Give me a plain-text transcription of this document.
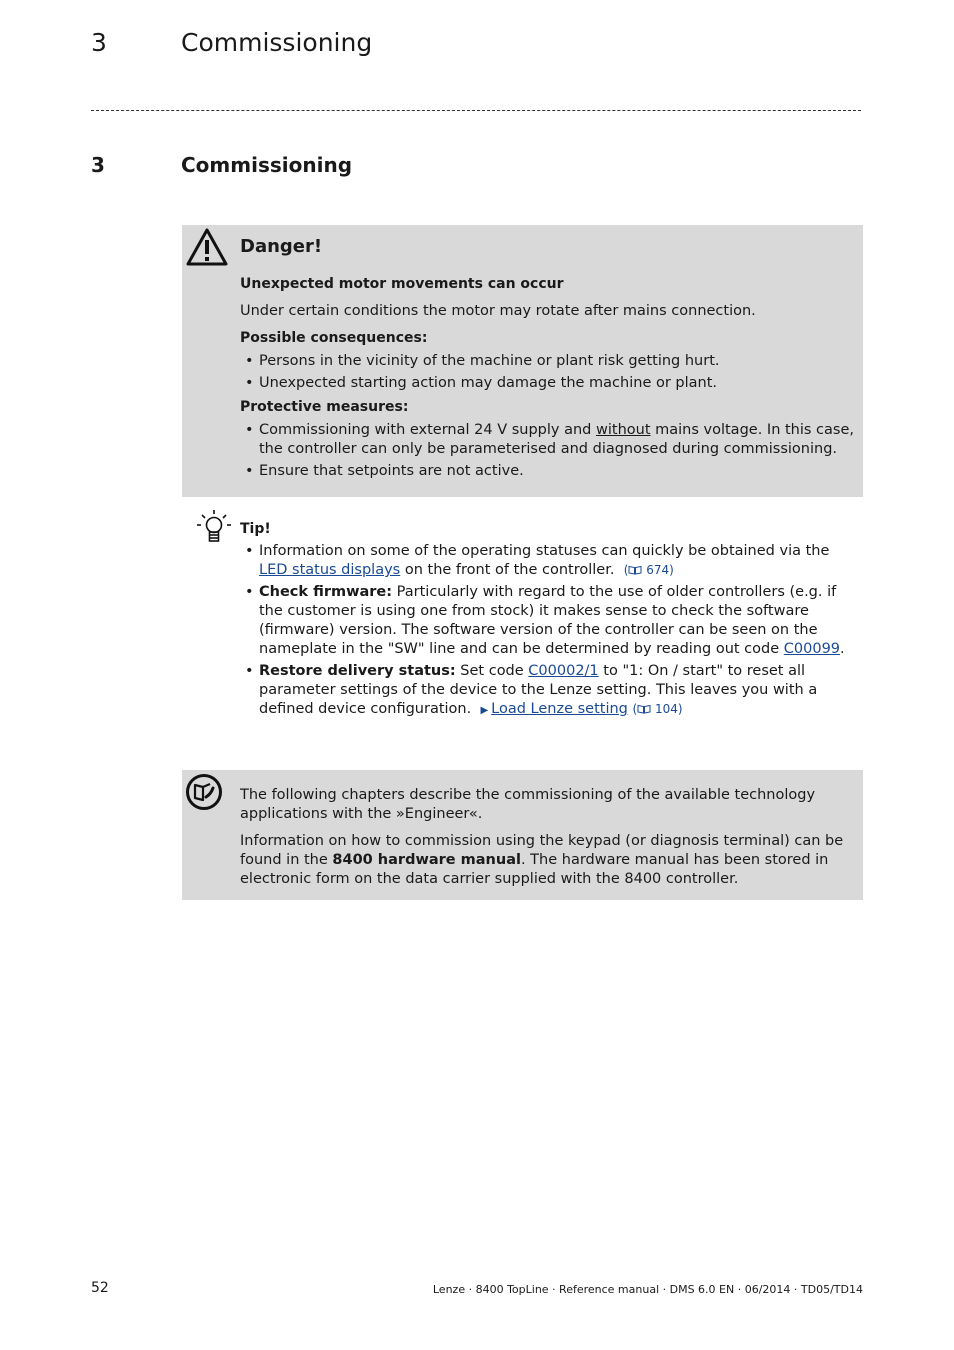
3	Commissioning
3	Commissioning
Danger!

Unexpected motor movements can occur

Under certain conditions the motor may rotate after mains connection.

Possible consequences:

• Persons in the vicinity of the machine or plant risk getting hurt.
• Unexpected starting action may damage the machine or plant.

Protective measures:

• Commissioning with external 24 V supply and without mains voltage. In this case, the controller can only be parameterised and diagnosed during commissioning.
• Ensure that setpoints are not active.

Tip!

• Information on some of the operating statuses can quickly be obtained via the LED status displays on the front of the controller. ( 674)
• Check firmware: Particularly with regard to the use of older controllers (e.g. if the customer is using one from stock) it makes sense to check the software (firmware) version. The software version of the controller can be seen on the nameplate in the "SW" line and can be determined by reading out code C00099.
• Restore delivery status: Set code C00002/1 to "1: On / start" to reset all parameter settings of the device to the Lenze setting. This leaves you with a defined device configuration. ▶ Load Lenze setting ( 104)

The following chapters describe the commissioning of the available technology applications with the »Engineer«.

Information on how to commission using the keypad (or diagnosis terminal) can be found in the 8400 hardware manual. The hardware manual has been stored in electronic form on the data carrier supplied with the 8400 controller.

52	Lenze · 8400 TopLine · Reference manual · DMS 6.0 EN · 06/2014 · TD05/TD14
